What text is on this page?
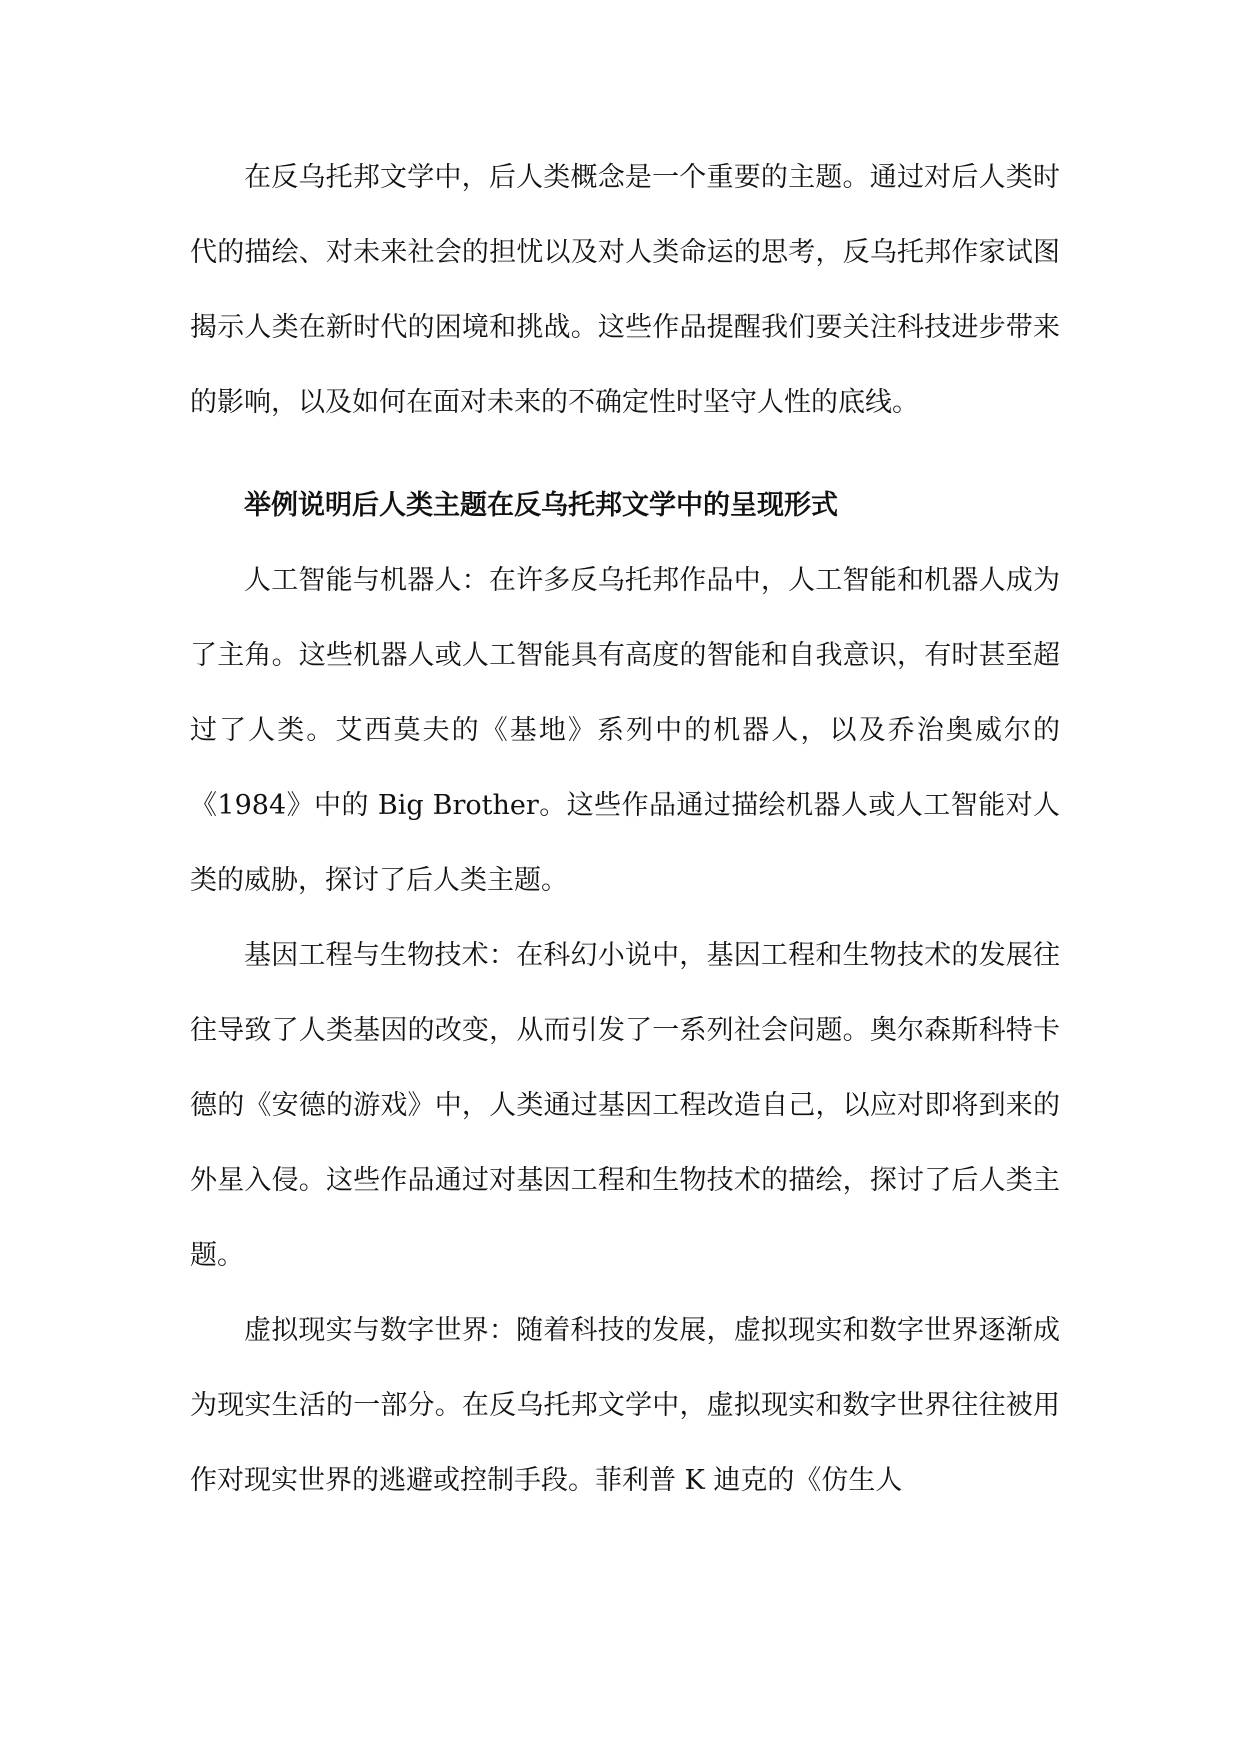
在反乌托邦文学中，后人类概念是一个重要的主题。通过对后人类时代的描绘、对未来社会的担忧以及对人类命运的思考，反乌托邦作家试图揭示人类在新时代的困境和挑战。这些作品提醒我们要关注科技进步带来的影响，以及如何在面对未来的不确定性时坚守人性的底线。

举例说明后人类主题在反乌托邦文学中的呈现形式

人工智能与机器人：在许多反乌托邦作品中，人工智能和机器人成为了主角。这些机器人或人工智能具有高度的智能和自我意识，有时甚至超过了人类。艾西莫夫的《基地》系列中的机器人，以及乔治奥威尔的《1984》中的 Big Brother。这些作品通过描绘机器人或人工智能对人类的威胁，探讨了后人类主题。

基因工程与生物技术：在科幻小说中，基因工程和生物技术的发展往往导致了人类基因的改变，从而引发了一系列社会问题。奥尔森斯科特卡德的《安德的游戏》中，人类通过基因工程改造自己，以应对即将到来的外星入侵。这些作品通过对基因工程和生物技术的描绘，探讨了后人类主题。

虚拟现实与数字世界：随着科技的发展，虚拟现实和数字世界逐渐成为现实生活的一部分。在反乌托邦文学中，虚拟现实和数字世界往往被用作对现实世界的逃避或控制手段。菲利普 K 迪克的《仿生人
